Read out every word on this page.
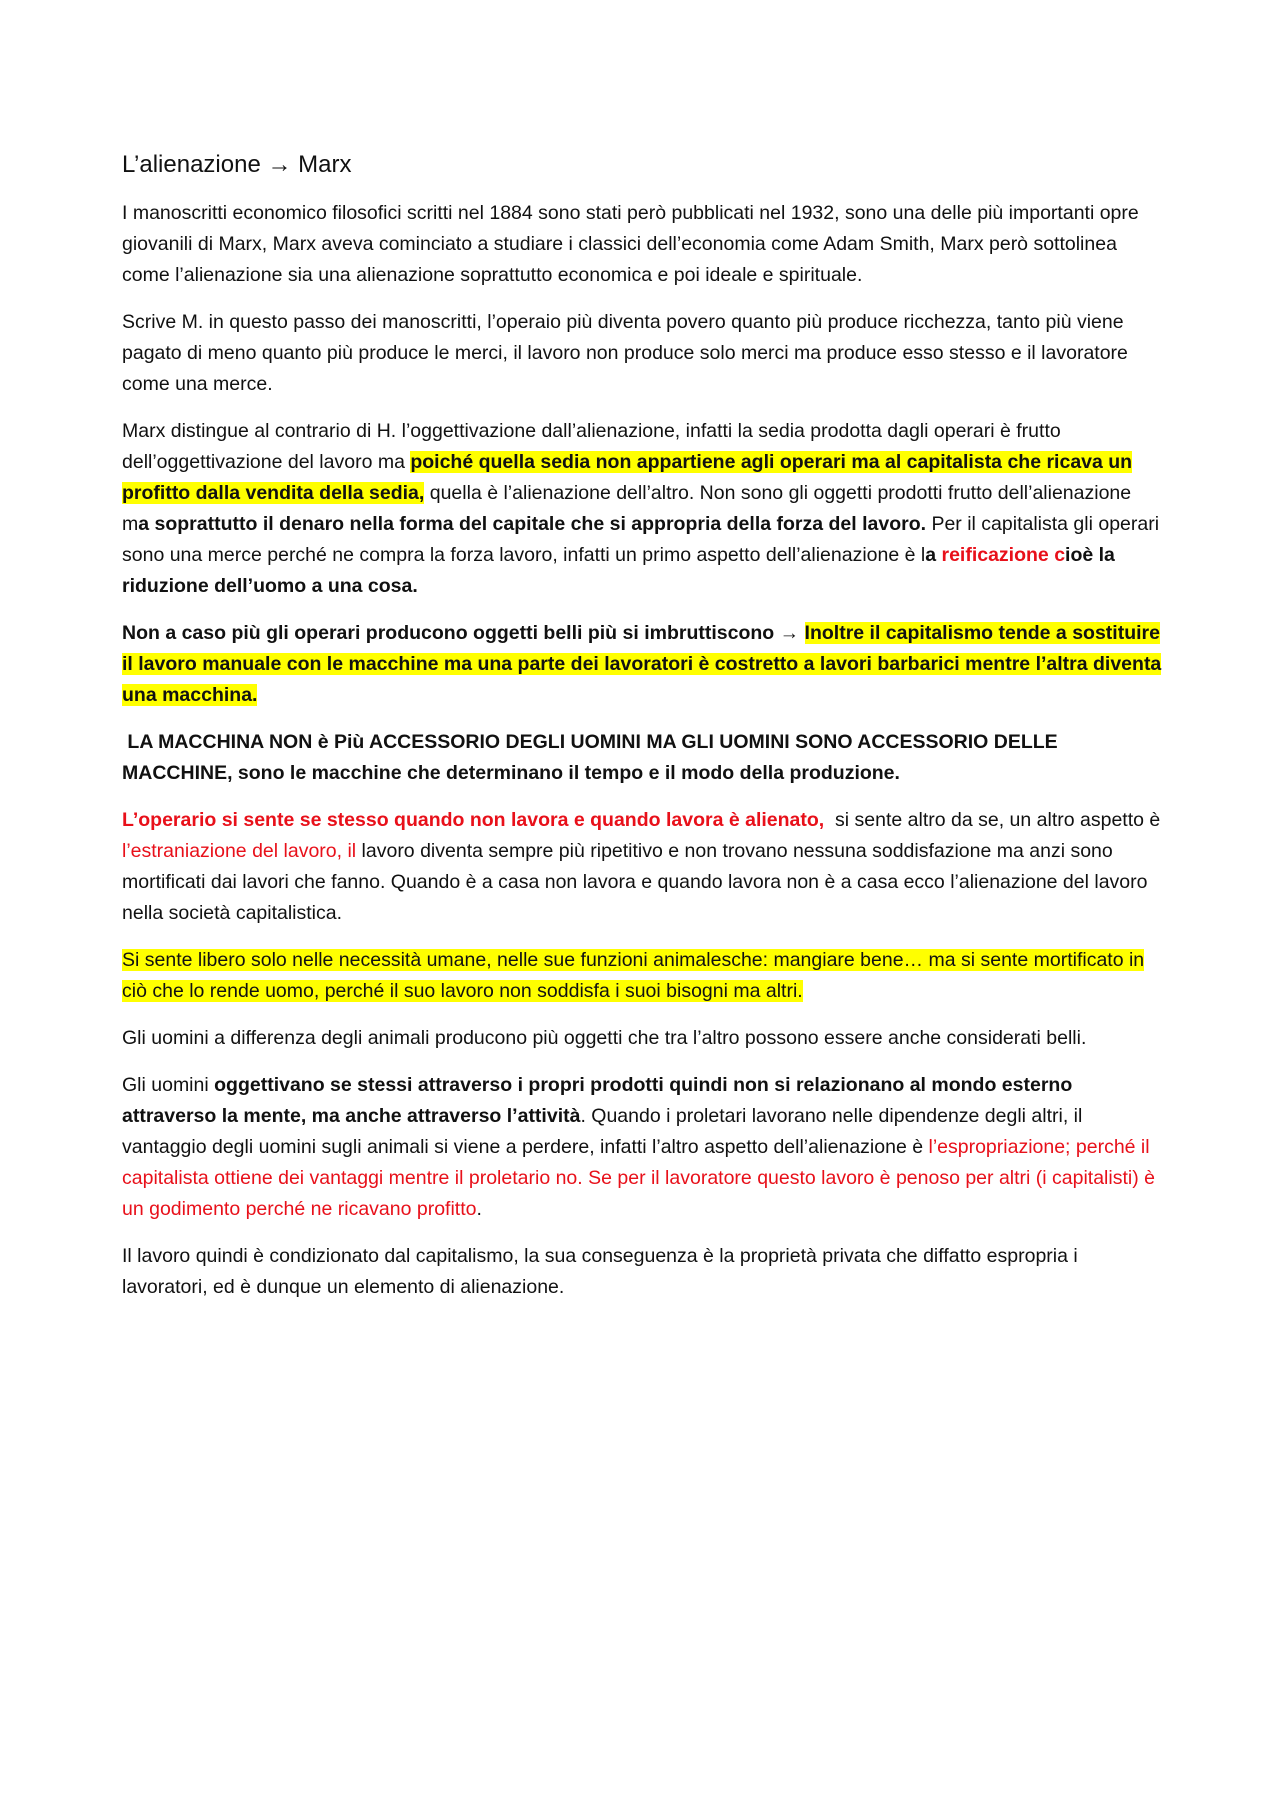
L’alienazione → Marx

I manoscritti economico filosofici scritti nel 1884 sono stati però pubblicati nel 1932, sono una delle più importanti opre giovanili di Marx, Marx aveva cominciato a studiare i classici dell’economia come Adam Smith, Marx però sottolinea come l’alienazione sia una alienazione soprattutto economica e poi ideale e spirituale.

Scrive M. in questo passo dei manoscritti, l’operaio più diventa povero quanto più produce ricchezza, tanto più viene pagato di meno quanto più produce le merci, il lavoro non produce solo merci ma produce esso stesso e il lavoratore come una merce.

Marx distingue al contrario di H. l’oggettivazione dall’alienazione, infatti la sedia prodotta dagli operari è frutto dell’oggettivazione del lavoro ma poiché quella sedia non appartiene agli operari ma al capitalista che ricava un profitto dalla vendita della sedia, quella è l’alienazione dell’altro. Non sono gli oggetti prodotti frutto dell’alienazione ma soprattutto il denaro nella forma del capitale che si appropria della forza del lavoro. Per il capitalista gli operari sono una merce perché ne compra la forza lavoro, infatti un primo aspetto dell’alienazione è la reificazione cioè la riduzione dell’uomo a una cosa.

Non a caso più gli operari producono oggetti belli più si imbruttiscono → Inoltre il capitalismo tende a sostituire il lavoro manuale con le macchine ma una parte dei lavoratori è costretto a lavori barbarici mentre l’altra diventa una macchina.

LA MACCHINA NON è Più ACCESSORIO DEGLI UOMINI MA GLI UOMINI SONO ACCESSORIO DELLE MACCHINE, sono le macchine che determinano il tempo e il modo della produzione.

L’operario si sente se stesso quando non lavora e quando lavora è alienato,  si sente altro da se, un altro aspetto è l’estraniazione del lavoro, il lavoro diventa sempre più ripetitivo e non trovano nessuna soddisfazione ma anzi sono mortificati dai lavori che fanno. Quando è a casa non lavora e quando lavora non è a casa ecco l’alienazione del lavoro nella società capitalistica.

Si sente libero solo nelle necessità umane, nelle sue funzioni animalesche: mangiare bene… ma si sente mortificato in ciò che lo rende uomo, perché il suo lavoro non soddisfa i suoi bisogni ma altri.

Gli uomini a differenza degli animali producono più oggetti che tra l’altro possono essere anche considerati belli.

Gli uomini oggettivano se stessi attraverso i propri prodotti quindi non si relazionano al mondo esterno attraverso la mente, ma anche attraverso l’attività. Quando i proletari lavorano nelle dipendenze degli altri, il vantaggio degli uomini sugli animali si viene a perdere, infatti l’altro aspetto dell’alienazione è l’espropriazione; perché il capitalista ottiene dei vantaggi mentre il proletario no. Se per il lavoratore questo lavoro è penoso per altri (i capitalisti) è un godimento perché ne ricavano profitto.

Il lavoro quindi è condizionato dal capitalismo, la sua conseguenza è la proprietà privata che diffatto espropria i lavoratori, ed è dunque un elemento di alienazione.
